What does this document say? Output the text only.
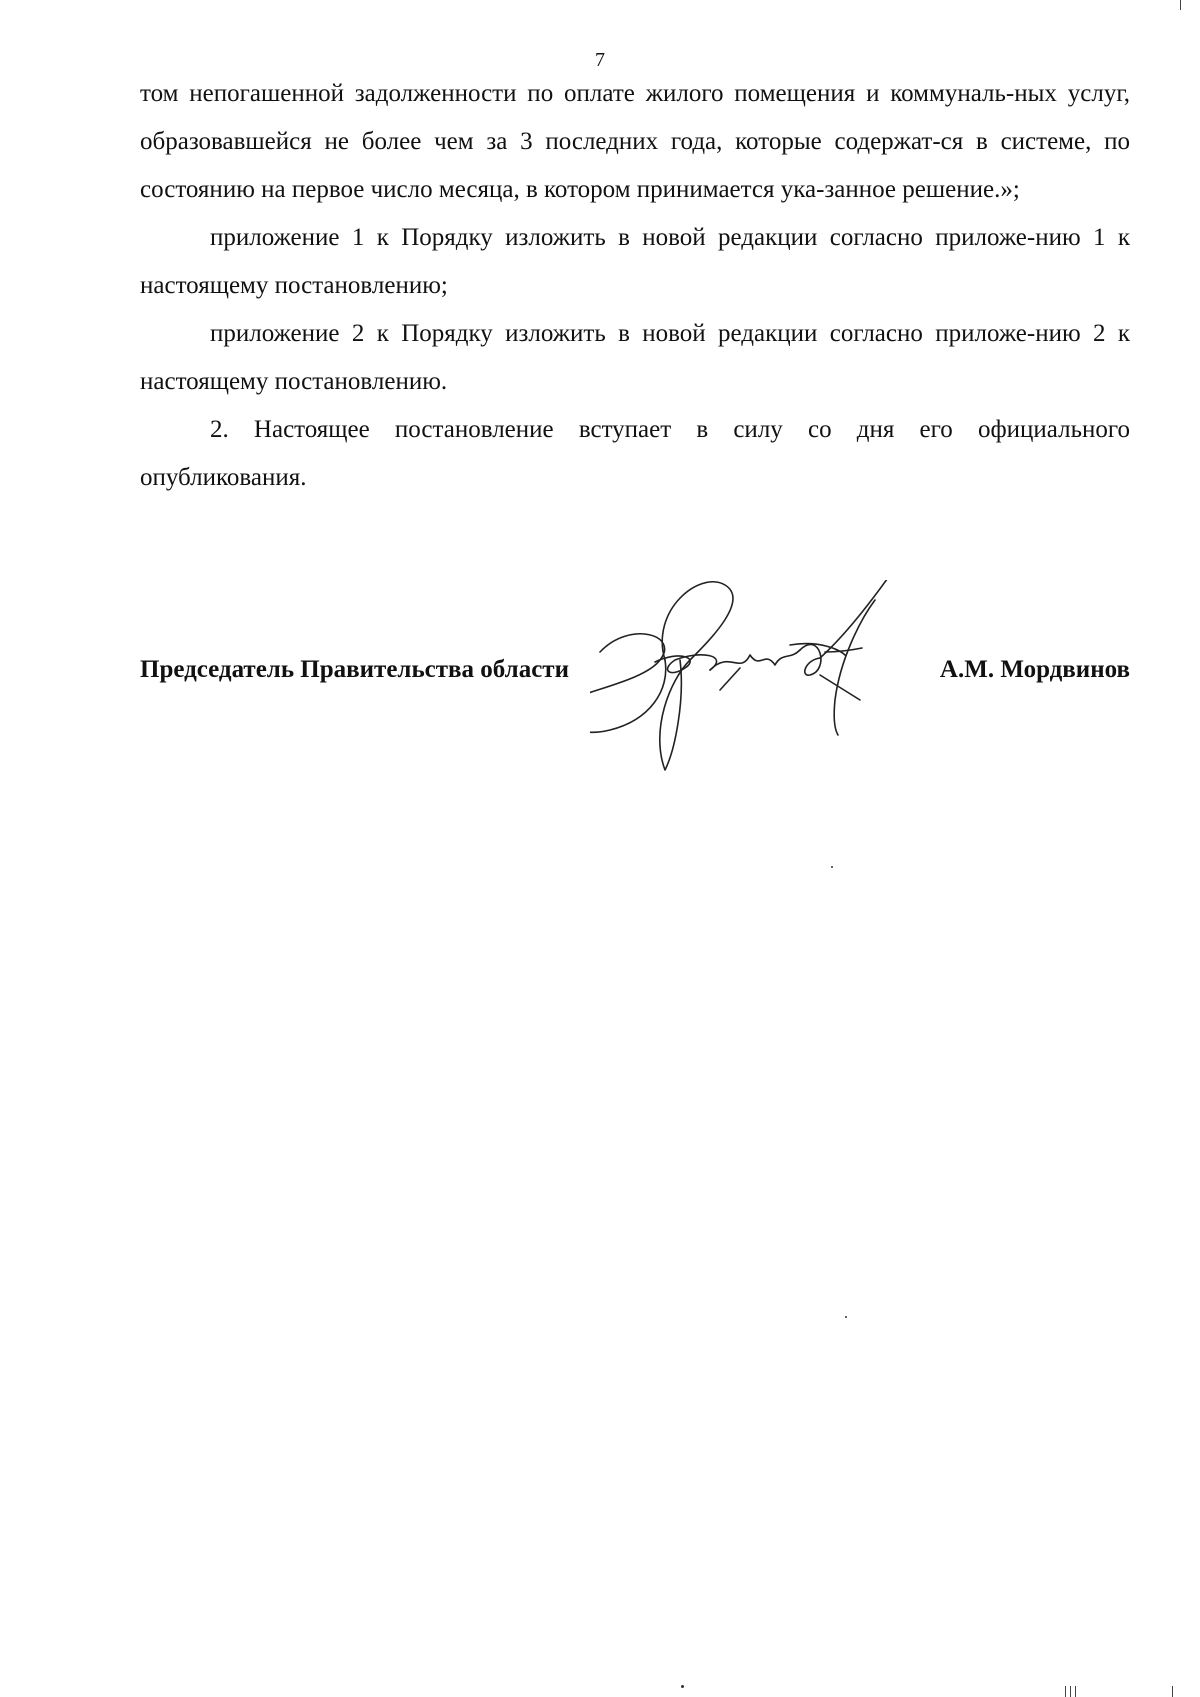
7

том непогашенной задолженности по оплате жилого помещения и коммуналь-ных услуг, образовавшейся не более чем за 3 последних года, которые содержат-ся в системе, по состоянию на первое число месяца, в котором принимается ука-занное решение.»;

приложение 1 к Порядку изложить в новой редакции согласно приложе-нию 1 к настоящему постановлению;

приложение 2 к Порядку изложить в новой редакции согласно приложе-нию 2 к настоящему постановлению.

2. Настоящее постановление вступает в силу со дня его официального опубликования.

Председатель Правительства области	А.М. Мордвинов
